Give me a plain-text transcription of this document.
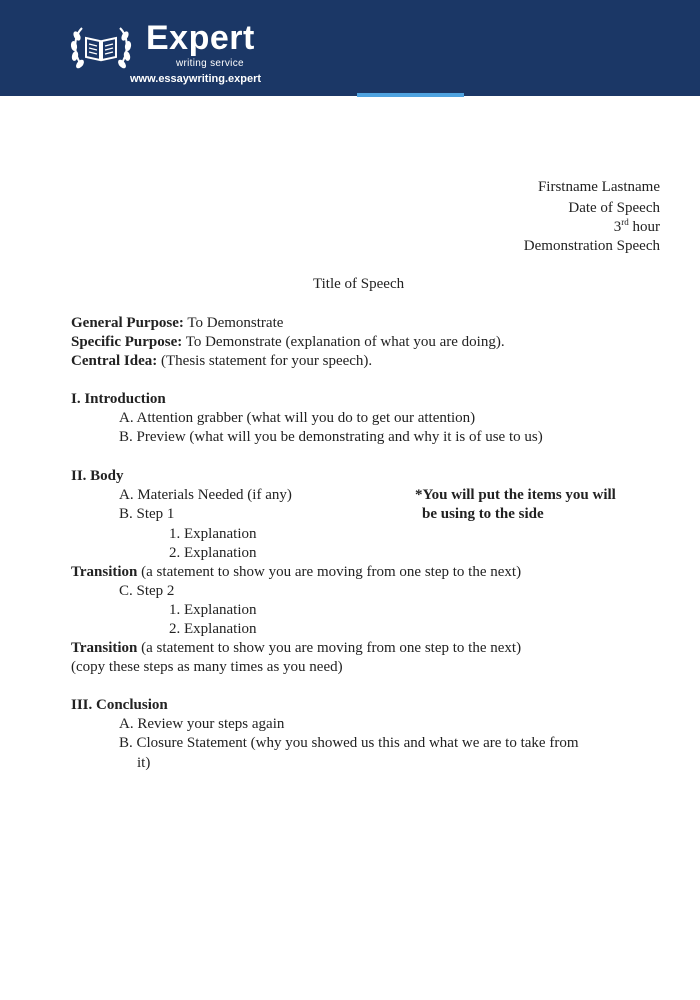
Expert
writing service
www.essaywriting.expert
Firstname Lastname
Date of Speech
3rd hour
Demonstration Speech
Title of Speech
General Purpose: To Demonstrate
Specific Purpose: To Demonstrate (explanation of what you are doing).
Central Idea: (Thesis statement for your speech).
I. Introduction
A. Attention grabber (what will you do to get our attention)
B. Preview (what will you be demonstrating and why it is of use to us)
II. Body
A. Materials Needed (if any)	*You will put the items you will
B. Step 1	be using to the side
1. Explanation
2. Explanation
Transition (a statement to show you are moving from one step to the next)
C. Step 2
1. Explanation
2. Explanation
Transition (a statement to show you are moving from one step to the next)
(copy these steps as many times as you need)
III. Conclusion
A. Review your steps again
B. Closure Statement (why you showed us this and what we are to take from
it)
